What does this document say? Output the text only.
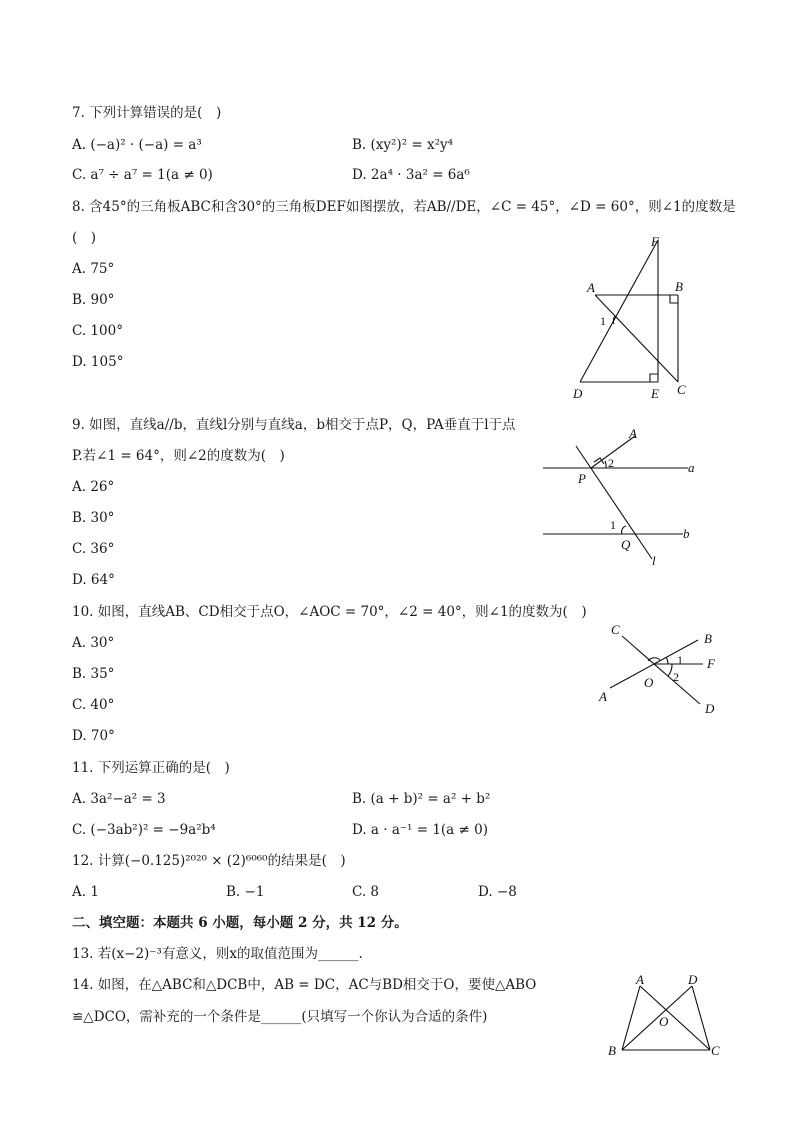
7. 下列计算错误的是( )
A. (−a)² · (−a) = a³	B. (xy²)² = x²y⁴
C. a⁷ ÷ a⁷ = 1(a ≠ 0)	D. 2a⁴ · 3a² = 6a⁶
8. 含45°的三角板ABC和含30°的三角板DEF如图摆放，若AB//DE，∠C = 45°，∠D = 60°，则∠1的度数是
( )
A. 75°
B. 90°
C. 100°
D. 105°
F
A	B
1
D	E C
9. 如图，直线a//b，直线l分别与直线a，b相交于点P，Q，PA垂直于l于点
P.若∠1 = 64°，则∠2的度数为( )
A. 26°
B. 30°
C. 36°
D. 64°
2
A
a
P
1
b
Q
l
10. 如图，直线AB、CD相交于点O，∠AOC = 70°，∠2 = 40°，则∠1的度数为( )
A. 30°
B. 35°
C. 40°
D. 70°
C
B
1 F
O 2
A
D
11. 下列运算正确的是( )
A. 3a²−a² = 3	B. (a + b)² = a² + b²
C. (−3ab²)² = −9a²b⁴	D. a · a⁻¹ = 1(a ≠ 0)
12. 计算(−0.125)²⁰²⁰ × (2)⁶⁰⁶⁰的结果是( )
A. 1	B. −1	C. 8	D. −8
二、填空题：本题共 6 小题，每小题 2 分，共 12 分。
13. 若(x−2)⁻³有意义，则x的取值范围为______.
14. 如图，在△ABC和△DCB中，AB = DC，AC与BD相交于O，要使△ABO
≌△DCO，需补充的一个条件是______(只填写一个你认为合适的条件)
A	D
O
B	C
